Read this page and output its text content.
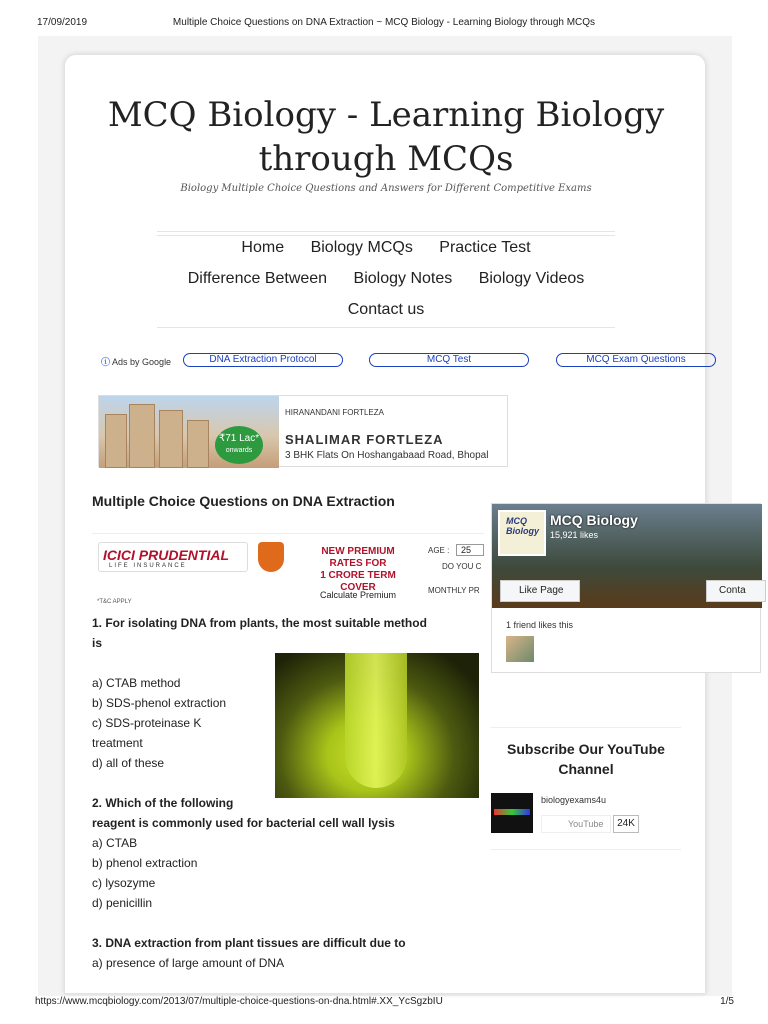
17/09/2019	Multiple Choice Questions on DNA Extraction ~ MCQ Biology - Learning Biology through MCQs
MCQ Biology - Learning Biology
through MCQs
Biology Multiple Choice Questions and Answers for Different Competitive Exams
Home Biology MCQs Practice Test
Difference Between Biology Notes Biology Videos
Contact us
ⓘ Ads by Google	DNA Extraction Protocol	MCQ Test	MCQ Exam Questions
₹71 Lac*
onwards
HIRANANDANI FORTLEZA
SHALIMAR FORTLEZA
3 BHK Flats On Hoshangabaad Road, Bhopal
Multiple Choice Questions on DNA Extraction
ICICI PRUDENTIAL
LIFE INSURANCE
NEW PREMIUM
RATES FOR
1 CRORE TERM COVER
Calculate Premium
AGE :	25
DO YOU C
MONTHLY PR
*T&C APPLY
1. For isolating DNA from plants, the most suitable method
is
a) CTAB method
b) SDS-phenol extraction
c) SDS-proteinase K
treatment
d) all of these
2. Which of the following
reagent is commonly used for bacterial cell wall lysis
a) CTAB
b) phenol extraction
c) lysozyme
d) penicillin
3. DNA extraction from plant tissues are difficult due to
a) presence of large amount of DNA
MCQ Biology
MCQ Biology
15,921 likes
Like Page	Conta
1 friend likes this
Subscribe Our YouTube
Channel
biologyexams4u
YouTube	24K
https://www.mcqbiology.com/2013/07/multiple-choice-questions-on-dna.html#.XX_YcSgzbIU	1/5
